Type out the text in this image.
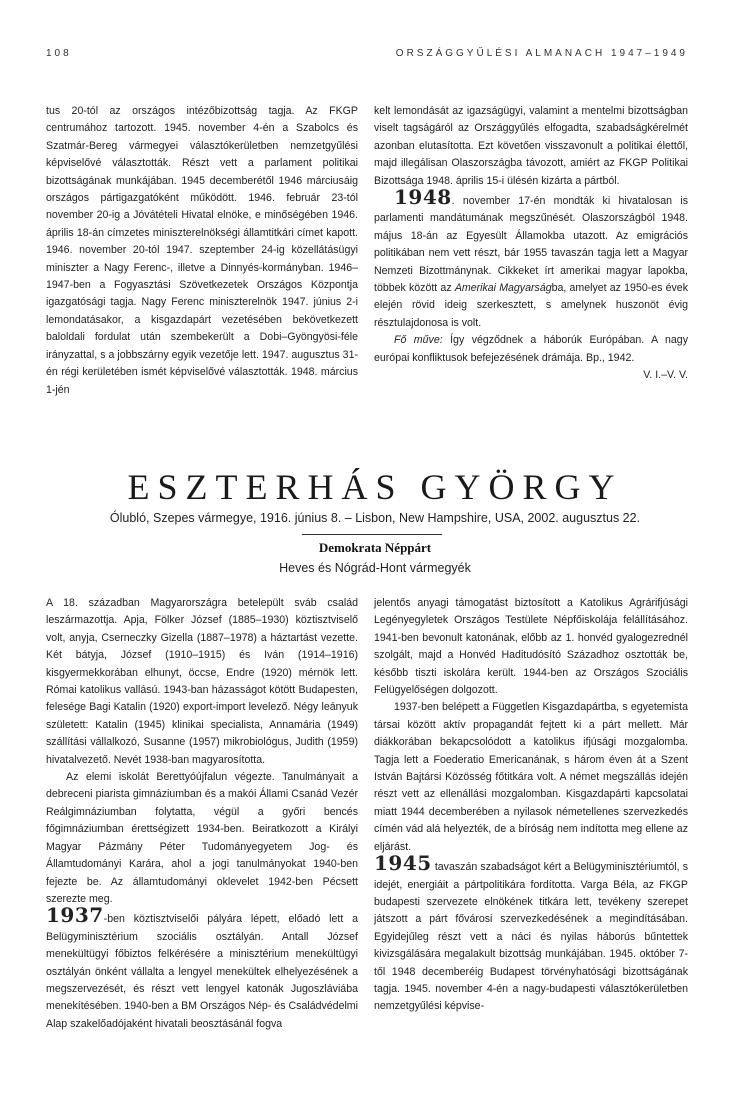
108	ORSZÁGGYŰLÉSI ALMANACH 1947–1949

tus 20-tól az országos intézőbizottság tagja. Az FKGP centrumához tartozott. 1945. november 4-én a Szabolcs és Szatmár-Bereg vármegyei választókerületben nemzetgyűlési képviselővé választották. Részt vett a parlament politikai bizottságának munkájában. 1945 decemberétől 1946 márciusáig országos pártigazgatóként működött. 1946. február 23-tól november 20-ig a Jóvátételi Hivatal elnöke, e minőségében 1946. április 18-án címzetes miniszterelnökségi államtitkári címet kapott. 1946. november 20-tól 1947. szeptember 24-ig közellátásügyi miniszter a Nagy Ferenc-, illetve a Dinnyés-kormányban. 1946–1947-ben a Fogyasztási Szövetkezetek Országos Központja igazgatósági tagja. Nagy Ferenc miniszterelnök 1947. június 2-i lemondatásakor, a kisgazdapárt vezetésében bekövetkezett baloldali fordulat után szembekerült a Dobi–Gyöngyösi-féle irányzattal, s a jobbszárny egyik vezetője lett. 1947. augusztus 31-én régi kerületében ismét képviselővé választották. 1948. március 1-jén

kelt lemondását az igazságügyi, valamint a mentelmi bizottságban viselt tagságáról az Országgyűlés elfogadta, szabadságkérelmét azonban elutasította. Ezt követően visszavonult a politikai élettől, majd illegálisan Olaszországba távozott, amiért az FKGP Politikai Bizottsága 1948. április 15-i ülésén kizárta a pártból.

1948. november 17-én mondták ki hivatalosan is parlamenti mandátumának megszűnését. Olaszországból 1948. május 18-án az Egyesült Államokba utazott. Az emigrációs politikában nem vett részt, bár 1955 tavaszán tagja lett a Magyar Nemzeti Bizottmánynak. Cikkeket írt amerikai magyar lapokba, többek között az Amerikai Magyarságba, amelyet az 1950-es évek elején rövid ideig szerkesztett, s amelynek huszonöt évig résztulajdonosa is volt.

Fő műve: Így végződnek a háborúk Európában. A nagy európai konfliktusok befejezésének drámája. Bp., 1942.

V. I.–V. V.

ESZTERHÁS GYÖRGY
Ólubló, Szepes vármegye, 1916. június 8. – Lisbon, New Hampshire, USA, 2002. augusztus 22.
Demokrata Néppárt
Heves és Nógrád-Hont vármegyék

A 18. században Magyarországra betelepült sváb család leszármazottja. Apja, Fölker József (1885–1930) köztisztviselő volt, anyja, Cserneczky Gizella (1887–1978) a háztartást vezette. Két bátyja, József (1910–1915) és Iván (1914–1916) kisgyermekkorában elhunyt, öccse, Endre (1920) mérnök lett. Római katolikus vallású. 1943-ban házasságot kötött Budapesten, felesége Bagi Katalin (1920) export-import levelező. Négy leányuk született: Katalin (1945) klinikai specialista, Annamária (1949) szállítási vállalkozó, Susanne (1957) mikrobiológus, Judith (1959) hivatalvezető. Nevét 1938-ban magyarosította.

Az elemi iskolát Berettyóújfalun végezte. Tanulmányait a debreceni piarista gimnáziumban és a makói Állami Csanád Vezér Reálgimnáziumban folytatta, végül a győri bencés főgimnáziumban érettségizett 1934-ben. Beiratkozott a Királyi Magyar Pázmány Péter Tudományegyetem Jog- és Államtudományi Karára, ahol a jogi tanulmányokat 1940-ben fejezte be. Az államtudományi oklevelet 1942-ben Pécsett szerezte meg.

1937-ben köztisztviselői pályára lépett, előadó lett a Belügyminisztérium szociális osztályán. Antall József menekültügyi főbiztos felkérésére a minisztérium menekültügyi osztályán önként vállalta a lengyel menekültek elhelyezésének a megszervezését, és részt vett lengyel katonák Jugoszláviába menekítésében. 1940-ben a BM Országos Nép- és Családvédelmi Alap szakelőadójaként hivatali beosztásánál fogva

jelentős anyagi támogatást biztosított a Katolikus Agrárifjúsági Legényegyletek Országos Testülete Népfőiskolája felállításához. 1941-ben bevonult katonának, előbb az 1. honvéd gyalogezrednél szolgált, majd a Honvéd Haditudósító Századhoz osztották be, később tiszti iskolára került. 1944-ben az Országos Szociális Felügyelőségen dolgozott.

1937-ben belépett a Független Kisgazdapártba, s egyetemista társai között aktív propagandát fejtett ki a párt mellett. Már diákkorában bekapcsolódott a katolikus ifjúsági mozgalomba. Tagja lett a Foederatio Emericanának, s három éven át a Szent István Bajtársi Közösség főtitkára volt. A német megszállás idején részt vett az ellenállási mozgalomban. Kisgazdapárti kapcsolatai miatt 1944 decemberében a nyilasok németellenes szervezkedés címén vád alá helyezték, de a bíróság nem indította meg ellene az eljárást.

1945 tavaszán szabadságot kért a Belügyminisztériumtól, s idejét, energiáit a pártpolitikára fordította. Varga Béla, az FKGP budapesti szervezete elnökének titkára lett, tevékeny szerepet játszott a párt fővárosi szervezkedésének a megindításában. Egyidejűleg részt vett a náci és nyilas háborús bűntettek kivizsgálására megalakult bizottság munkájában. 1945. október 7-től 1948 decemberéig Budapest törvényhatósági bizottságának tagja. 1945. november 4-én a nagy-budapesti választókerületben nemzetgyűlési képvise-
